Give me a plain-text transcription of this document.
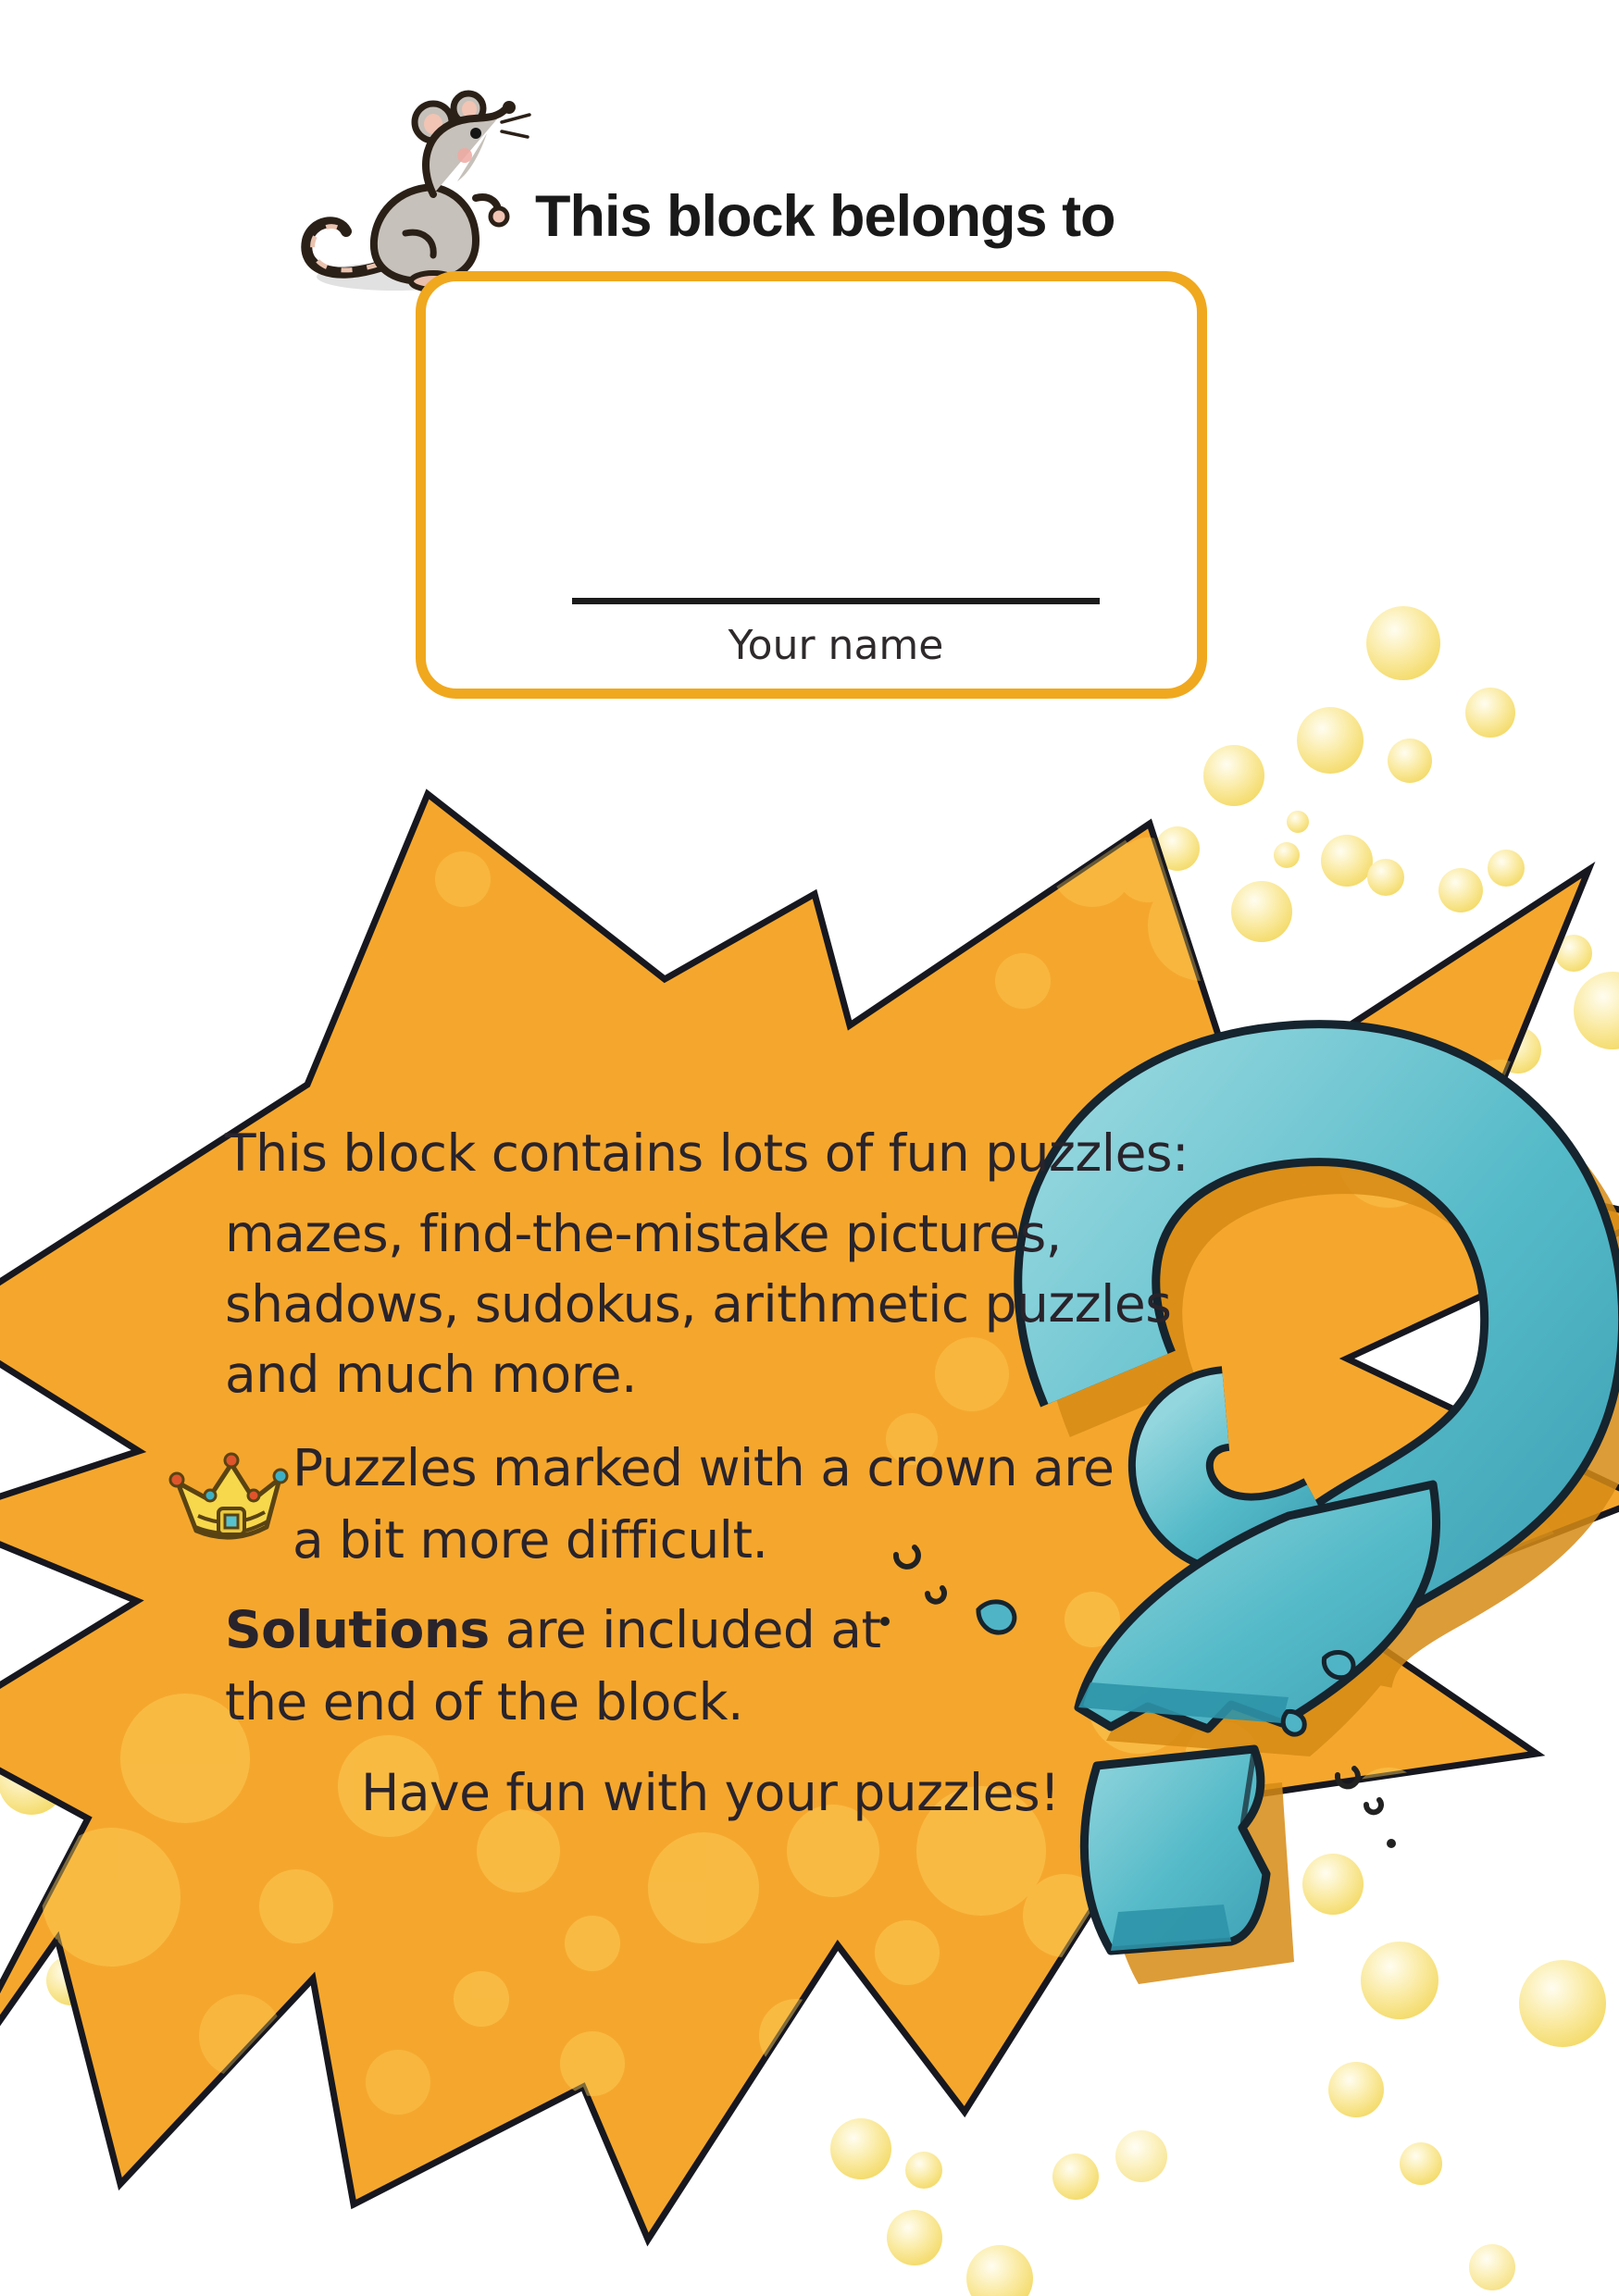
This block belongs to
Your name
This block contains lots of fun puzzles:
mazes, find-the-mistake pictures,
shadows, sudokus, arithmetic puzzles
and much more.
Puzzles marked with a crown are
a bit more difficult.
Solutions are included at
the end of the block.
Have fun with your puzzles!
